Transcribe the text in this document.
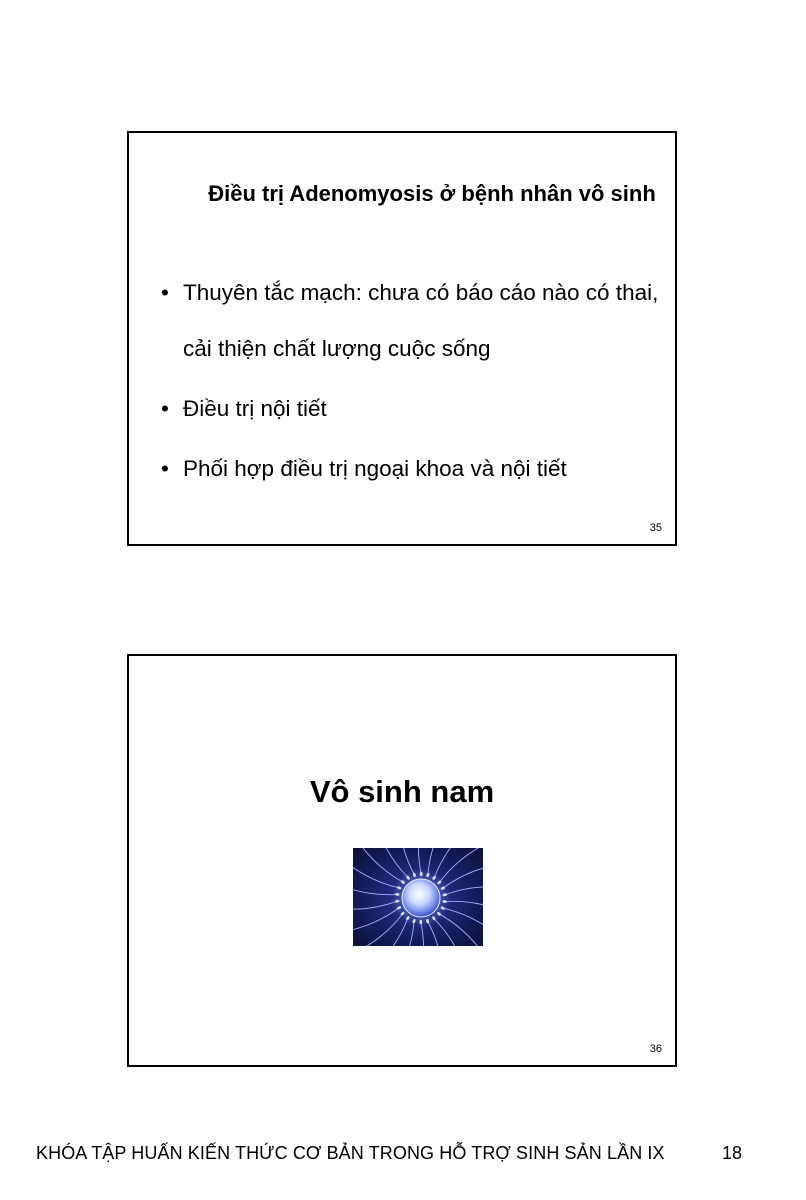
Điều trị Adenomyosis ở bệnh nhân vô sinh
• Thuyên tắc mạch: chưa có báo cáo nào có thai, cải thiện chất lượng cuộc sống
• Điều trị nội tiết
• Phối hợp điều trị ngoại khoa và nội tiết
35
Vô sinh nam
36
KHÓA TẬP HUẤN KIẾN THỨC CƠ BẢN TRONG HỖ TRỢ SINH SẢN LẦN IX	18
